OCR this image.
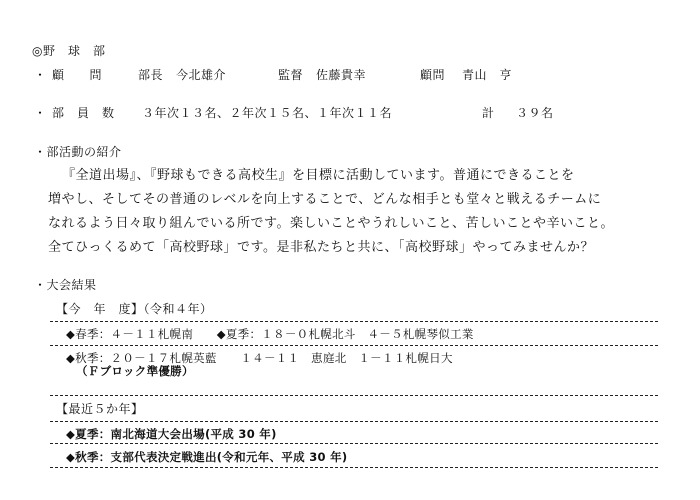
◎野　球　部
・ 顧　　問	部長 今北雄介	監督 佐藤貴幸	顧問 青山　亨
・ 部　員　数 ３年次１３名、２年次１５名、１年次１１名	計 ３９名
・部活動の紹介
『全道出場』、『野球もできる高校生』を目標に活動しています。普通にできることを
増やし、そしてその普通のレベルを向上することで、どんな相手とも堂々と戦えるチームに
なれるよう日々取り組んでいる所です。楽しいことやうれしいこと、苦しいことや辛いこと。
全てひっくるめて「高校野球」です。是非私たちと共に、「高校野球」やってみませんか？
・大会結果
【今　年　度】（令和４年）
◆春季：４－１１札幌南　　◆夏季：１８－０札幌北斗　４－５札幌琴似工業
◆秋季：２０－１７札幌英藍　　１４－１１　恵庭北　１－１１札幌日大
（Ｆブロック準優勝）
【最近５か年】
◆夏季：南北海道大会出場(平成 30 年)
◆秋季：支部代表決定戦進出(令和元年、平成 30 年)
